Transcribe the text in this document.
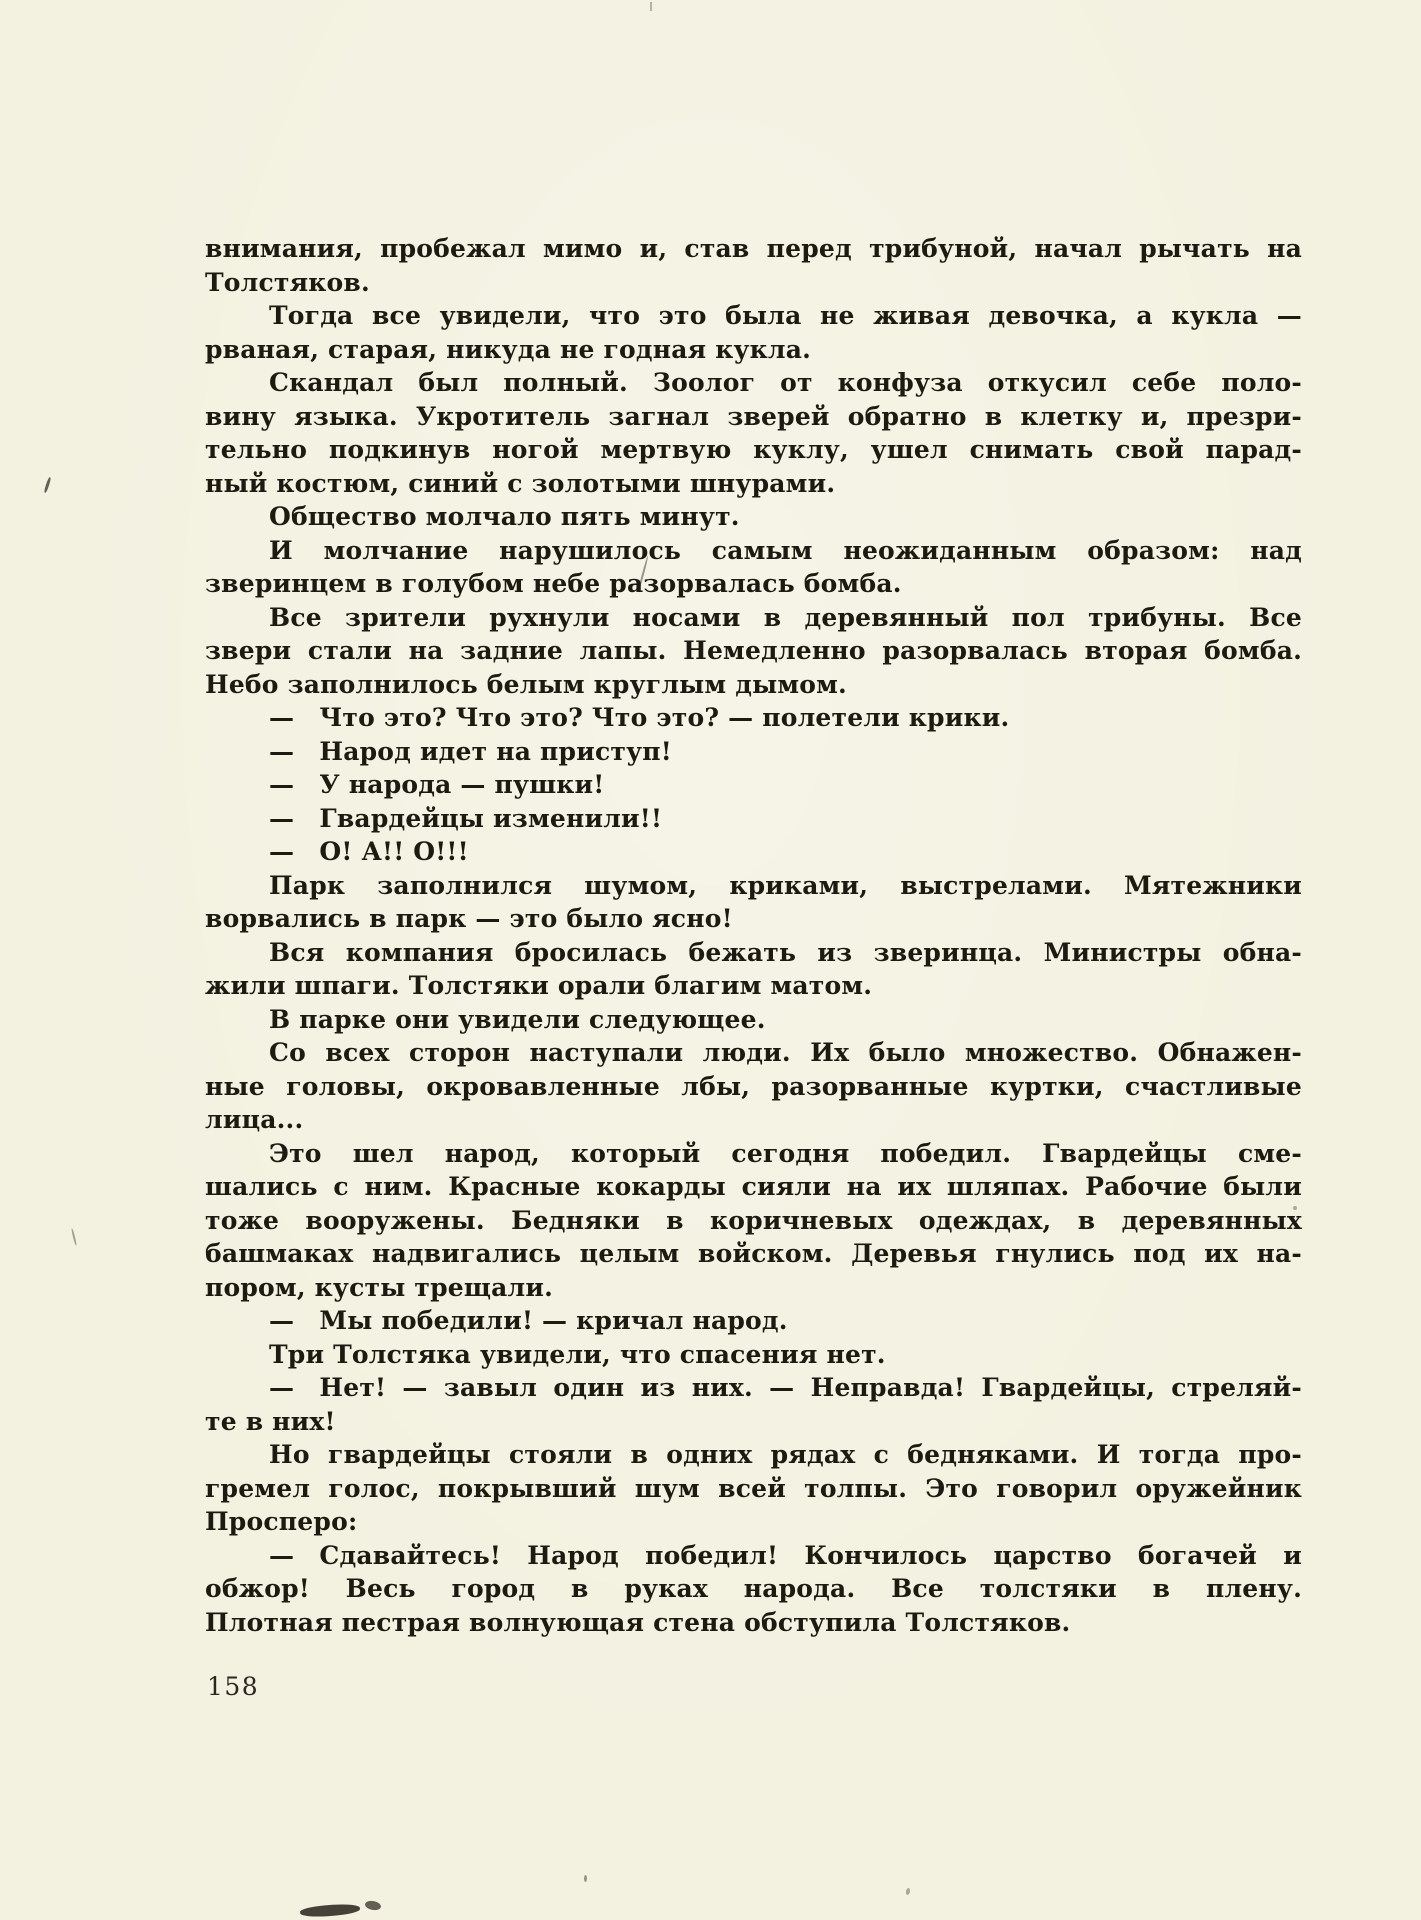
внимания, пробежал мимо и, став перед трибуной, начал рычать на
Толстяков.
Тогда все увидели, что это была не живая девочка, а кукла —
рваная, старая, никуда не годная кукла.
Скандал был полный. Зоолог от конфуза откусил себе поло-
вину языка. Укротитель загнал зверей обратно в клетку и, презри-
тельно подкинув ногой мертвую куклу, ушел снимать свой парад-
ный костюм, синий с золотыми шнурами.
Общество молчало пять минут.
И молчание нарушилось самым неожиданным образом: над
зверинцем в голубом небе разорвалась бомба.
Все зрители рухнули носами в деревянный пол трибуны. Все
звери стали на задние лапы. Немедленно разорвалась вторая бомба.
Небо заполнилось белым круглым дымом.
— Что это? Что это? Что это? — полетели крики.
— Народ идет на приступ!
— У народа — пушки!
— Гвардейцы изменили!!
— О! А!! О!!!
Парк заполнился шумом, криками, выстрелами. Мятежники
ворвались в парк — это было ясно!
Вся компания бросилась бежать из зверинца. Министры обна-
жили шпаги. Толстяки орали благим матом.
В парке они увидели следующее.
Со всех сторон наступали люди. Их было множество. Обнажен-
ные головы, окровавленные лбы, разорванные куртки, счастливые
лица...
Это шел народ, который сегодня победил. Гвардейцы сме-
шались с ним. Красные кокарды сияли на их шляпах. Рабочие были
тоже вооружены. Бедняки в коричневых одеждах, в деревянных
башмаках надвигались целым войском. Деревья гнулись под их на-
пором, кусты трещали.
— Мы победили! — кричал народ.
Три Толстяка увидели, что спасения нет.
— Нет! — завыл один из них. — Неправда! Гвардейцы, стреляй-
те в них!
Но гвардейцы стояли в одних рядах с бедняками. И тогда про-
гремел голос, покрывший шум всей толпы. Это говорил оружейник
Просперо:
— Сдавайтесь! Народ победил! Кончилось царство богачей и
обжор! Весь город в руках народа. Все толстяки в плену.
Плотная пестрая волнующая стена обступила Толстяков.
158
